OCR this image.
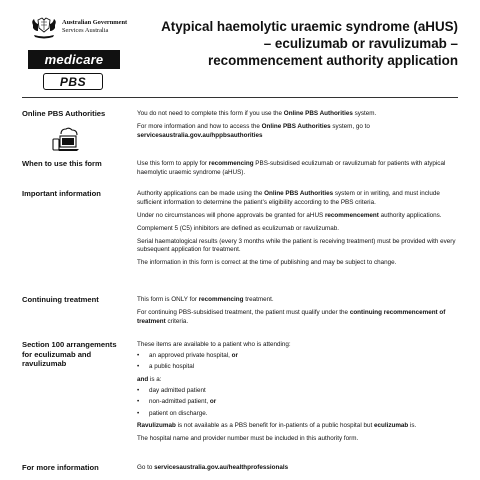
Australian Government
Services Australia
medicare
PBS
Atypical haemolytic uraemic syndrome (aHUS)
– eculizumab or ravulizumab –
recommencement authority application
Online PBS Authorities	You do not need to complete this form if you use the Online PBS Authorities system.

For more information and how to access the Online PBS Authorities system, go to
servicesaustralia.gov.au/hppbsauthorities

When to use this form	Use this form to apply for recommencing PBS-subsidised eculizumab or ravulizumab for patients with atypical haemolytic uraemic syndrome (aHUS).

Important information	Authority applications can be made using the Online PBS Authorities system or in writing, and must include sufficient information to determine the patient’s eligibility according to the PBS criteria.

Under no circumstances will phone approvals be granted for aHUS recommencement authority applications.

Complement 5 (C5) inhibitors are defined as eculizumab or ravulizumab.

Serial haematological results (every 3 months while the patient is receiving treatment) must be provided with every subsequent application for treatment.

The information in this form is correct at the time of publishing and may be subject to change.

Continuing treatment	This form is ONLY for recommencing treatment.

For continuing PBS-subsidised treatment, the patient must qualify under the continuing recommencement of treatment criteria.

Section 100 arrangements
for eculizumab and
ravulizumab

These items are available to a patient who is attending:

• an approved private hospital, or
• a public hospital

and is a:

• day admitted patient
• non-admitted patient, or
• patient on discharge.

Ravulizumab is not available as a PBS benefit for in-patients of a public hospital but eculizumab is.

The hospital name and provider number must be included in this authority form.

For more information	Go to servicesaustralia.gov.au/healthprofessionals
